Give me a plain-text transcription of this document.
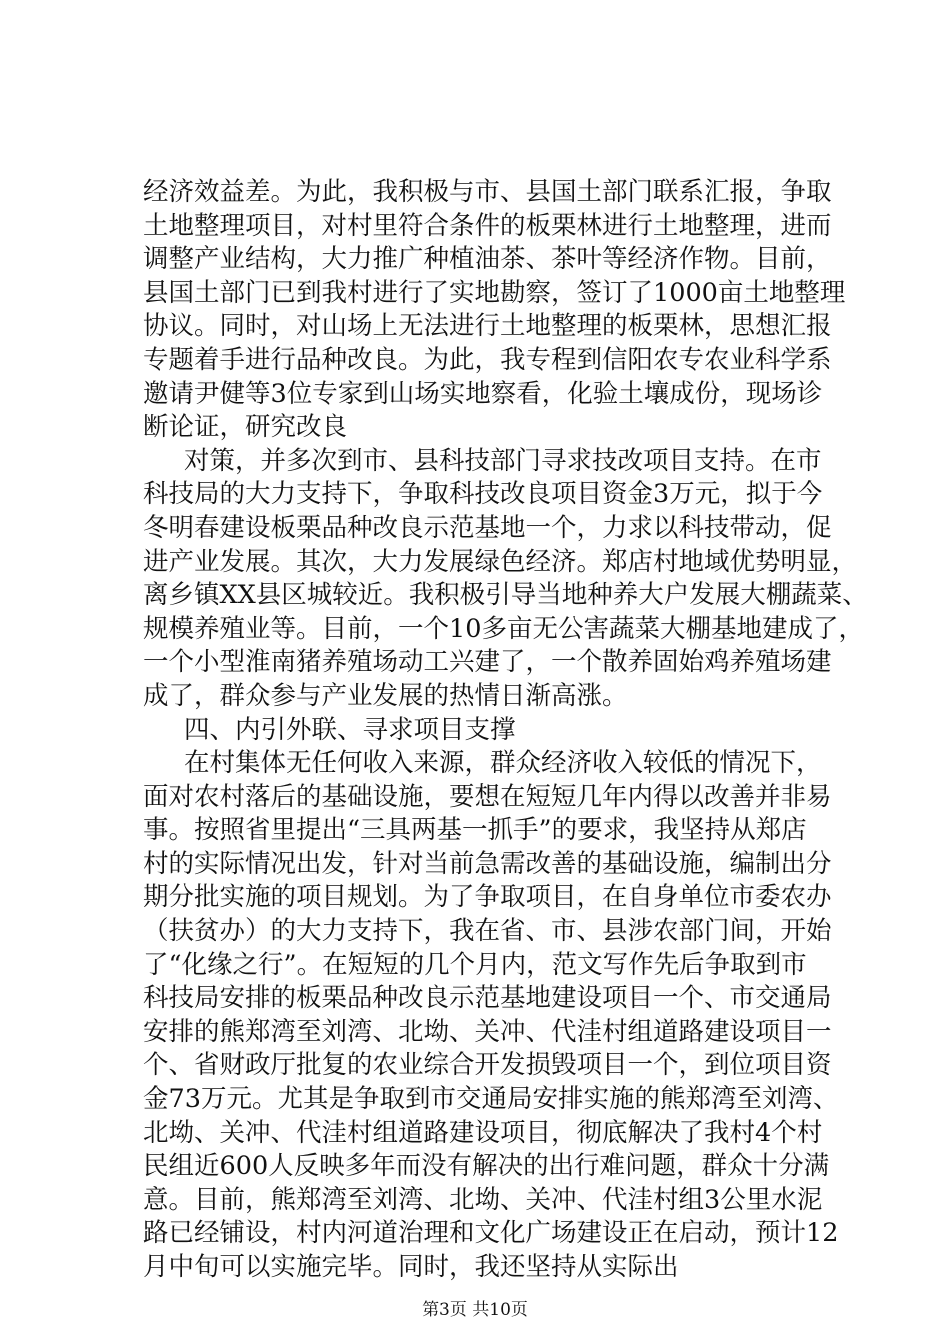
经济效益差。为此，我积极与市、县国土部门联系汇报，争取
土地整理项目，对村里符合条件的板栗林进行土地整理，进而
调整产业结构，大力推广种植油茶、茶叶等经济作物。目前，
县国土部门已到我村进行了实地勘察，签订了1000亩土地整理
协议。同时，对山场上无法进行土地整理的板栗林，思想汇报
专题着手进行品种改良。为此，我专程到信阳农专农业科学系
邀请尹健等3位专家到山场实地察看，化验土壤成份，现场诊
断论证，研究改良
对策，并多次到市、县科技部门寻求技改项目支持。在市
科技局的大力支持下，争取科技改良项目资金3万元，拟于今
冬明春建设板栗品种改良示范基地一个，力求以科技带动，促
进产业发展。其次，大力发展绿色经济。郑店村地域优势明显，
离乡镇XX县区城较近。我积极引导当地种养大户发展大棚蔬菜、
规模养殖业等。目前，一个10多亩无公害蔬菜大棚基地建成了，
一个小型淮南猪养殖场动工兴建了，一个散养固始鸡养殖场建
成了，群众参与产业发展的热情日渐高涨。
四、内引外联、寻求项目支撑
在村集体无任何收入来源，群众经济收入较低的情况下，
面对农村落后的基础设施，要想在短短几年内得以改善并非易
事。按照省里提出“三具两基一抓手”的要求，我坚持从郑店
村的实际情况出发，针对当前急需改善的基础设施，编制出分
期分批实施的项目规划。为了争取项目，在自身单位市委农办
（扶贫办）的大力支持下，我在省、市、县涉农部门间，开始
了“化缘之行”。在短短的几个月内，范文写作先后争取到市
科技局安排的板栗品种改良示范基地建设项目一个、市交通局
安排的熊郑湾至刘湾、北坳、关冲、代洼村组道路建设项目一
个、省财政厅批复的农业综合开发损毁项目一个，到位项目资
金73万元。尤其是争取到市交通局安排实施的熊郑湾至刘湾、
北坳、关冲、代洼村组道路建设项目，彻底解决了我村4个村
民组近600人反映多年而没有解决的出行难问题，群众十分满
意。目前，熊郑湾至刘湾、北坳、关冲、代洼村组3公里水泥
路已经铺设，村内河道治理和文化广场建设正在启动，预计12
月中旬可以实施完毕。同时，我还坚持从实际出
第3页 共10页
